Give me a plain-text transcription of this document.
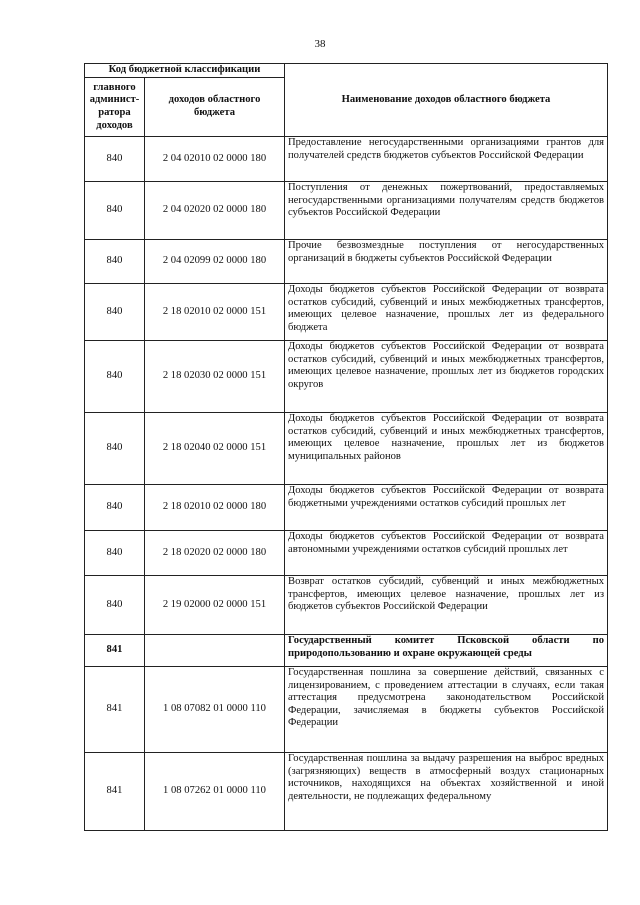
38
Код бюджетной классификации		Наименование доходов областного бюджета
главного
админист-
ратора
доходов	доходов областного бюджета	
840	2 04 02010 02 0000 180	Предоставление негосударственными организациями грантов для получателей средств бюджетов субъектов Российской Федерации
840	2 04 02020 02 0000 180	Поступления от денежных пожертвований, предоставляемых негосударственными организациями получателям средств бюджетов субъектов Российской Федерации
840	2 04 02099 02 0000 180	Прочие безвозмездные поступления от негосударственных организаций в бюджеты субъектов Российской Федерации
840	2 18 02010 02 0000 151	Доходы бюджетов субъектов Российской Федерации от возврата остатков субсидий, субвенций и иных межбюджетных трансфертов, имеющих целевое назначение, прошлых лет из федерального бюджета
840	2 18 02030 02 0000 151	Доходы бюджетов субъектов Российской Федерации от возврата остатков субсидий, субвенций и иных межбюджетных трансфертов, имеющих целевое назначение, прошлых лет из бюджетов городских округов
840	2 18 02040 02 0000 151	Доходы бюджетов субъектов Российской Федерации от возврата остатков субсидий, субвенций и иных межбюджетных трансфертов, имеющих целевое назначение, прошлых лет из бюджетов муниципальных районов
840	2 18 02010 02 0000 180	Доходы бюджетов субъектов Российской Федерации от возврата бюджетными учреждениями остатков субсидий прошлых лет
840	2 18 02020 02 0000 180	Доходы бюджетов субъектов Российской Федерации от возврата автономными учреждениями остатков субсидий прошлых лет
840	2 19 02000 02 0000 151	Возврат остатков субсидий, субвенций и иных межбюджетных трансфертов, имеющих целевое назначение, прошлых лет из бюджетов субъектов Российской Федерации
841		Государственный комитет Псковской области по природопользованию и охране окружающей среды
841	1 08 07082 01 0000 110	Государственная пошлина за совершение действий, связанных с лицензированием, с проведением аттестации в случаях, если такая аттестация предусмотрена законодательством Российской Федерации, зачисляемая в бюджеты субъектов Российской Федерации
841	1 08 07262 01 0000 110	Государственная пошлина за выдачу разрешения на выброс вредных (загрязняющих) веществ в атмосферный воздух стационарных источников, находящихся на объектах хозяйственной и иной деятельности, не подлежащих федеральному
